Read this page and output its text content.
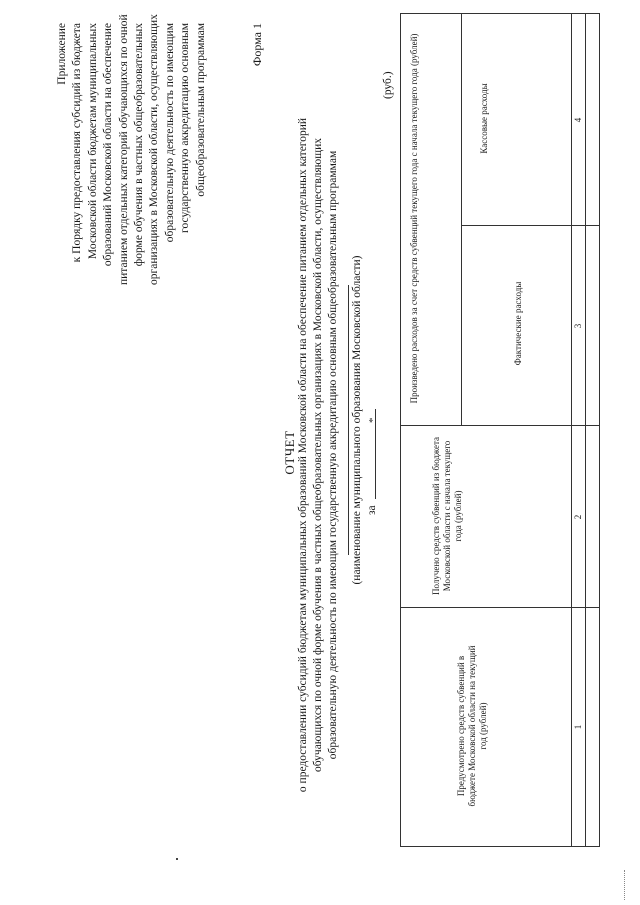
Приложение к Порядку предоставления субсидий из бюджета Московской области бюджетам муниципальных образований Московской области на обеспечение питанием отдельных категорий обучающихся по очной форме обучения в частных общеобразовательных организациях в Московской области, осуществляющих образовательную деятельность по имеющим государственную аккредитацию основным общеобразовательным программам	Форма 1
ОТЧЕТ о предоставлении субсидий бюджетам муниципальных образований Московской области на обеспечение питанием отдельных категорий обучающихся по очной форме обучения в частных общеобразовательных организациях в Московской области, осуществляющих образовательную деятельность по имеющим государственную аккредитацию основным общеобразовательным программам (наименование муниципального образования Московской области) за
*
(руб.)
Предусмотрено средств субвенций в бюджете Московской области на текущий год (рублей)
Получено средств субвенций из бюджета Московской области с начала текущего года (рублей)
Произведено расходов за счет средств субвенций текущего года с начала текущего года (рублей)	Фактические расходы
Кассовые расходы
1
2
3
4
